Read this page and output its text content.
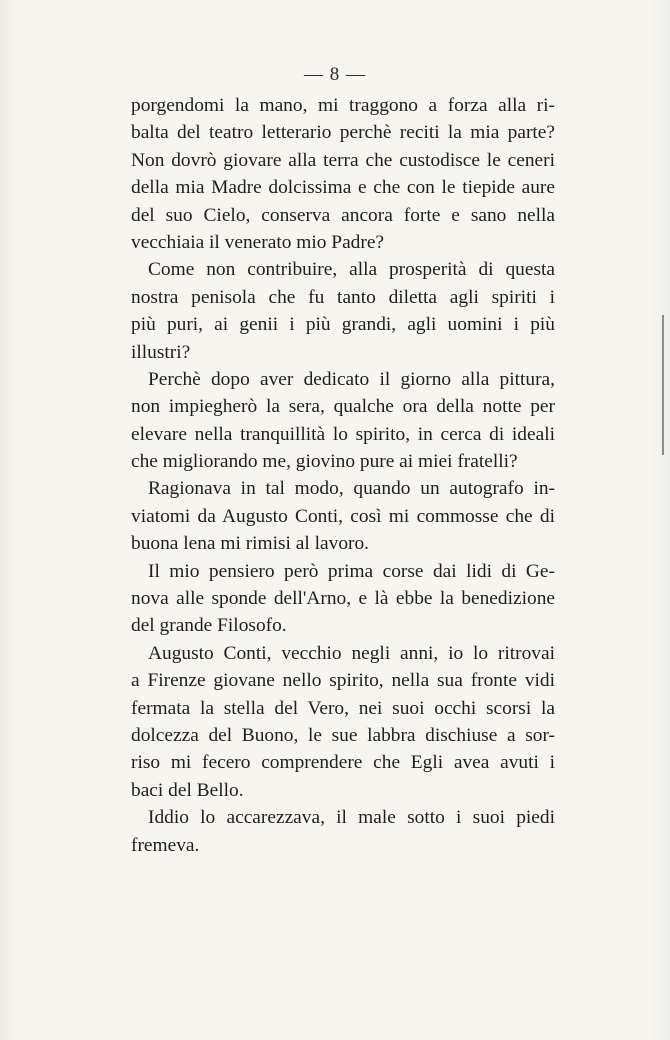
— 8 —
porgendomi la mano, mi traggono a forza alla ri-
balta del teatro letterario perchè reciti la mia parte?
Non dovrò giovare alla terra che custodisce le ceneri
della mia Madre dolcissima e che con le tiepide aure
del suo Cielo, conserva ancora forte e sano nella
vecchiaia il venerato mio Padre?
Come non contribuire, alla prosperità di questa
nostra penisola che fu tanto diletta agli spiriti i
più puri, ai genii i più grandi, agli uomini i più
illustri?
Perchè dopo aver dedicato il giorno alla pittura,
non impiegherò la sera, qualche ora della notte per
elevare nella tranquillità lo spirito, in cerca di ideali
che migliorando me, giovino pure ai miei fratelli?
Ragionava in tal modo, quando un autografo in-
viatomi da Augusto Conti, così mi commosse che di
buona lena mi rimisi al lavoro.
Il mio pensiero però prima corse dai lidi di Ge-
nova alle sponde dell'Arno, e là ebbe la benedizione
del grande Filosofo.
Augusto Conti, vecchio negli anni, io lo ritrovai
a Firenze giovane nello spirito, nella sua fronte vidi
fermata la stella del Vero, nei suoi occhi scorsi la
dolcezza del Buono, le sue labbra dischiuse a sor-
riso mi fecero comprendere che Egli avea avuti i
baci del Bello.
Iddio lo accarezzava, il male sotto i suoi piedi
fremeva.
